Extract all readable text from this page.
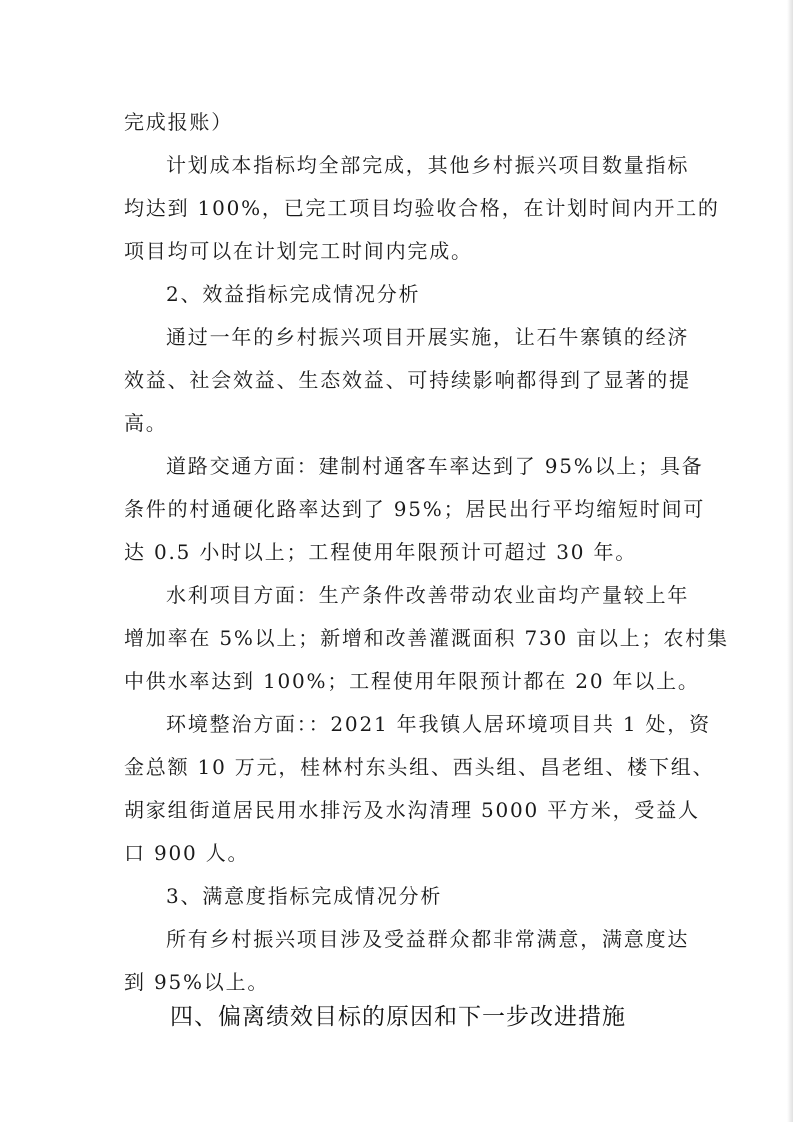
完成报账）
计划成本指标均全部完成，其他乡村振兴项目数量指标
均达到 100%，已完工项目均验收合格，在计划时间内开工的
项目均可以在计划完工时间内完成。
2、效益指标完成情况分析
通过一年的乡村振兴项目开展实施，让石牛寨镇的经济
效益、社会效益、生态效益、可持续影响都得到了显著的提
高。
道路交通方面：建制村通客车率达到了 95%以上；具备
条件的村通硬化路率达到了 95%；居民出行平均缩短时间可
达 0.5 小时以上；工程使用年限预计可超过 30 年。
水利项目方面：生产条件改善带动农业亩均产量较上年
增加率在 5%以上；新增和改善灌溉面积 730 亩以上；农村集
中供水率达到 100%；工程使用年限预计都在 20 年以上。
环境整治方面：：2021 年我镇人居环境项目共 1 处，资
金总额 10 万元，桂林村东头组、西头组、昌老组、楼下组、
胡家组街道居民用水排污及水沟清理 5000 平方米，受益人
口 900 人。
3、满意度指标完成情况分析
所有乡村振兴项目涉及受益群众都非常满意，满意度达
到 95%以上。
四、偏离绩效目标的原因和下一步改进措施
